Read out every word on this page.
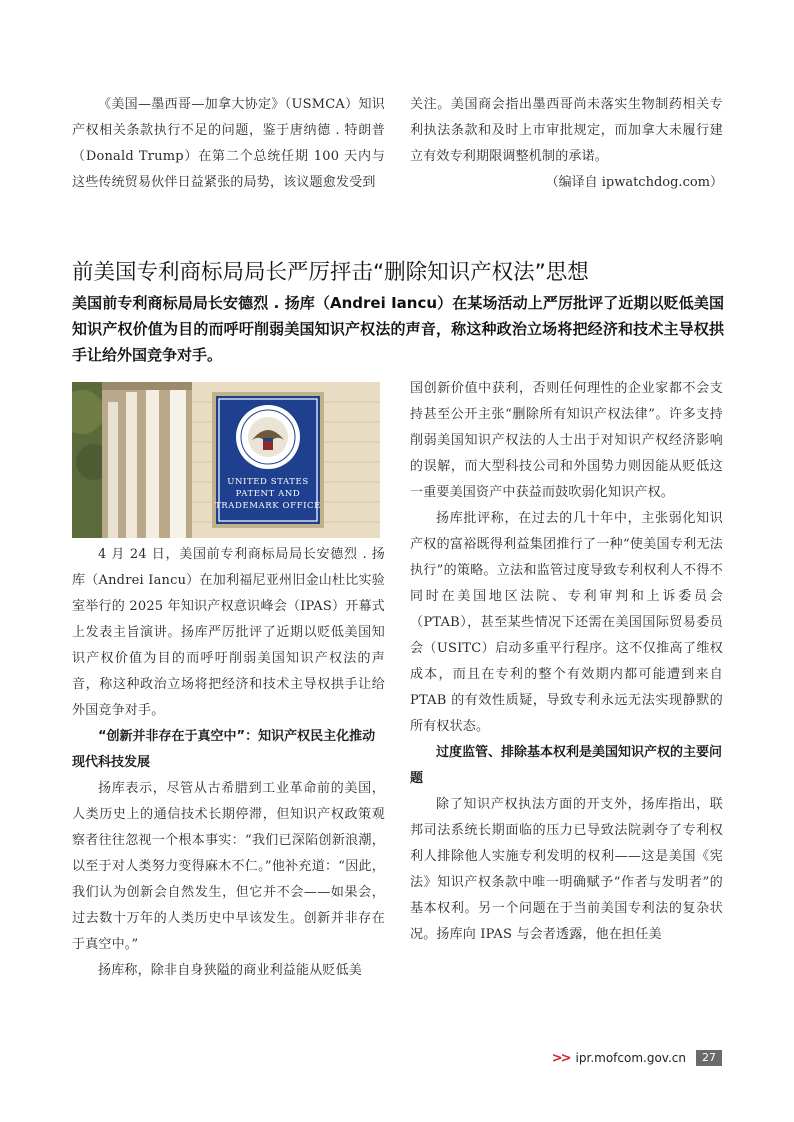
《美国—墨西哥—加拿大协定》（USMCA）知识产权相关条款执行不足的问题，鉴于唐纳德 . 特朗普（Donald Trump）在第二个总统任期 100 天内与这些传统贸易伙伴日益紧张的局势，该议题愈发受到

关注。美国商会指出墨西哥尚未落实生物制药相关专利执法条款和及时上市审批规定，而加拿大未履行建立有效专利期限调整机制的承诺。

（编译自 ipwatchdog.com）

前美国专利商标局局长严厉抨击“删除知识产权法”思想

美国前专利商标局局长安德烈 . 扬库（Andrei Iancu）在某场活动上严厉批评了近期以贬低美国知识产权价值为目的而呼吁削弱美国知识产权法的声音，称这种政治立场将把经济和技术主导权拱手让给外国竞争对手。

UNITED STATES
PATENT AND
TRADEMARK OFFICE

4 月 24 日，美国前专利商标局局长安德烈 . 扬库（Andrei Iancu）在加利福尼亚州旧金山杜比实验室举行的 2025 年知识产权意识峰会（IPAS）开幕式上发表主旨演讲。扬库严厉批评了近期以贬低美国知识产权价值为目的而呼吁削弱美国知识产权法的声音，称这种政治立场将把经济和技术主导权拱手让给外国竞争对手。

“创新并非存在于真空中”：知识产权民主化推动现代科技发展

扬库表示，尽管从古希腊到工业革命前的美国，人类历史上的通信技术长期停滞，但知识产权政策观察者往往忽视一个根本事实：“我们已深陷创新浪潮，以至于对人类努力变得麻木不仁。”他补充道：“因此，我们认为创新会自然发生，但它并不会——如果会，过去数十万年的人类历史中早该发生。创新并非存在于真空中。”

扬库称，除非自身狭隘的商业利益能从贬低美

国创新价值中获利，否则任何理性的企业家都不会支持甚至公开主张“删除所有知识产权法律”。许多支持削弱美国知识产权法的人士出于对知识产权经济影响的误解，而大型科技公司和外国势力则因能从贬低这一重要美国资产中获益而鼓吹弱化知识产权。

扬库批评称，在过去的几十年中，主张弱化知识产权的富裕既得利益集团推行了一种“使美国专利无法执行”的策略。立法和监管过度导致专利权利人不得不同时在美国地区法院、专利审判和上诉委员会（PTAB），甚至某些情况下还需在美国国际贸易委员会（USITC）启动多重平行程序。这不仅推高了维权成本，而且在专利的整个有效期内都可能遭到来自 PTAB 的有效性质疑，导致专利永远无法实现静默的所有权状态。

过度监管、排除基本权利是美国知识产权的主要问题

除了知识产权执法方面的开支外，扬库指出，联邦司法系统长期面临的压力已导致法院剥夺了专利权利人排除他人实施专利发明的权利——这是美国《宪法》知识产权条款中唯一明确赋予“作者与发明者”的基本权利。另一个问题在于当前美国专利法的复杂状况。扬库向 IPAS 与会者透露，他在担任美

>> ipr.mofcom.gov.cn	27
